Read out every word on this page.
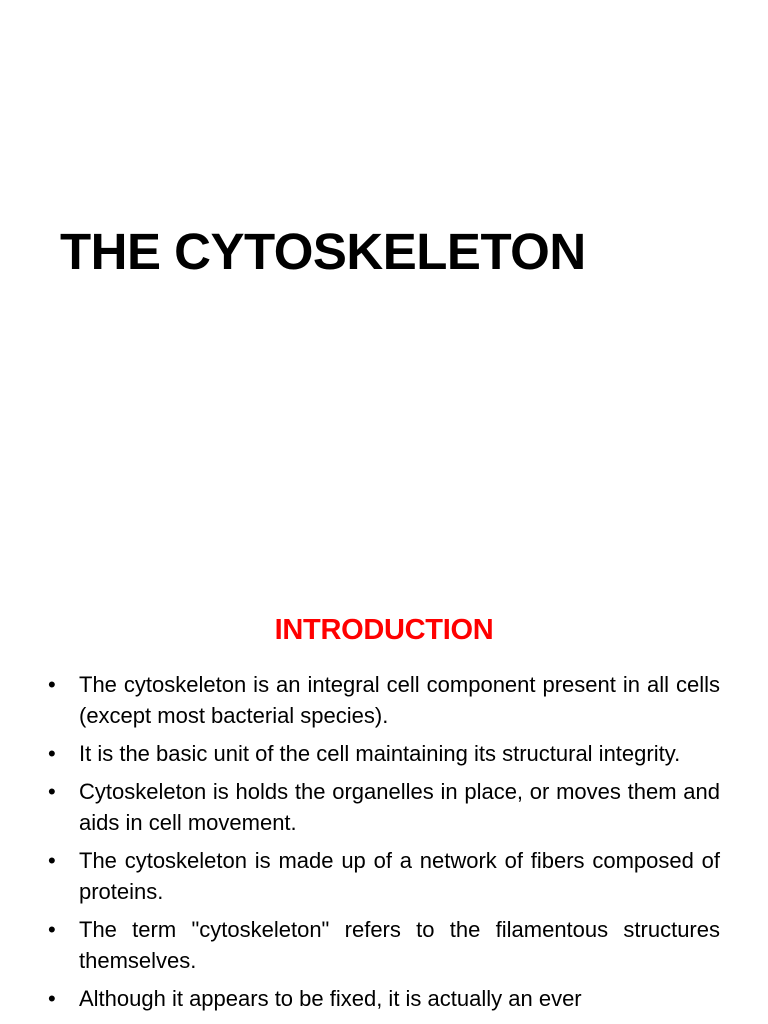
THE CYTOSKELETON
INTRODUCTION
• The cytoskeleton is an integral cell component present in all cells (except most bacterial species).
• It is the basic unit of the cell maintaining its structural integrity.
• Cytoskeleton is holds the organelles in place, or moves them and aids in cell movement.
• The cytoskeleton is made up of a network of fibers composed of proteins.
• The term "cytoskeleton" refers to the filamentous structures themselves.
• Although it appears to be fixed, it is actually an ever
